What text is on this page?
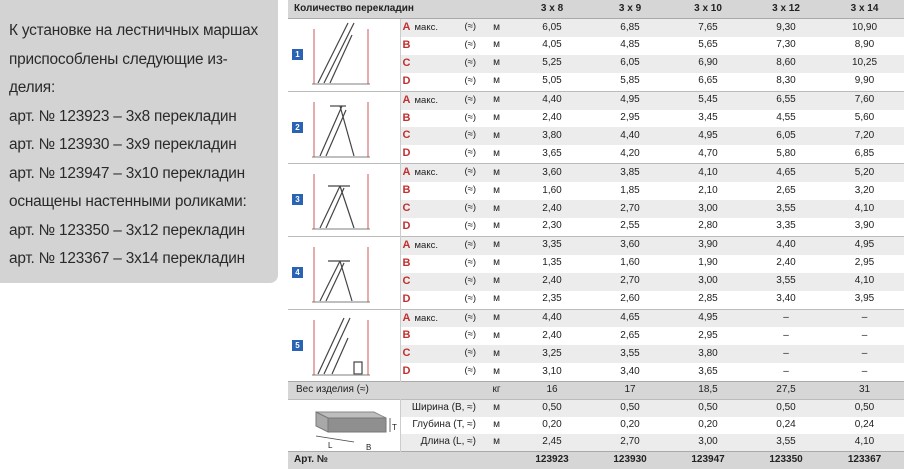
К установке на лестничных маршах

приспособлены следующие из-

делия:

арт. № 123923 – 3х8 перекладин

арт. № 123930 – 3х9 перекладин

арт. № 123947 – 3х10 перекладин

оснащены настенными роликами:

арт. № 123350 – 3х12 перекладин

арт. № 123367 – 3х14 перекладин

Количество перекладин			3 x 8	3 x 9	3 x 10	3 x 12	3 x 14

1	A макс. (≈)	м	6,05	6,85	7,65	9,30	10,90
	B (≈)	м	4,05	4,85	5,65	7,30	8,90
	C (≈)	м	5,25	6,05	6,90	8,60	10,25
	D (≈)	м	5,05	5,85	6,65	8,30	9,90

2	A макс. (≈)	м	4,40	4,95	5,45	6,55	7,60
	B (≈)	м	2,40	2,95	3,45	4,55	5,60
	C (≈)	м	3,80	4,40	4,95	6,05	7,20
	D (≈)	м	3,65	4,20	4,70	5,80	6,85

3	A макс. (≈)	м	3,60	3,85	4,10	4,65	5,20
	B (≈)	м	1,60	1,85	2,10	2,65	3,20
	C (≈)	м	2,40	2,70	3,00	3,55	4,10
	D (≈)	м	2,30	2,55	2,80	3,35	3,90

4	A макс. (≈)	м	3,35	3,60	3,90	4,40	4,95
	B (≈)	м	1,35	1,60	1,90	2,40	2,95
	C (≈)	м	2,40	2,70	3,00	3,55	4,10
	D (≈)	м	2,35	2,60	2,85	3,40	3,95

5	A макс. (≈)	м	4,40	4,65	4,95	–	–
	B (≈)	м	2,40	2,65	2,95	–	–
	C (≈)	м	3,25	3,55	3,80	–	–
	D (≈)	м	3,10	3,40	3,65	–	–
Вес изделия (≈)		кг	16	17	18,5	27,5	31

L B
T	Ширина (B, ≈)	м	0,50	0,50	0,50	0,50	0,50
	Глубина (T, ≈)	м	0,20	0,20	0,20	0,24	0,24
	Длина (L, ≈)	м	2,45	2,70	3,00	3,55	4,10
Арт. №			123923	123930	123947	123350	123367
